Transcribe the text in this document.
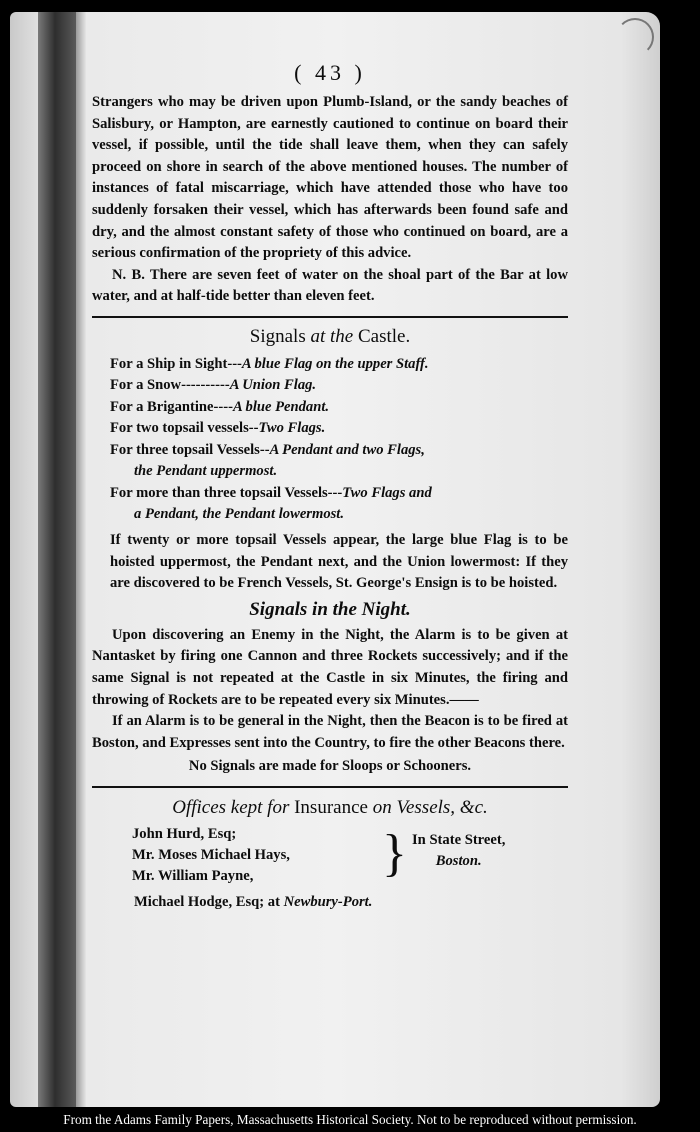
( 43 )

Strangers who may be driven upon Plumb-Island, or the sandy beaches of Salisbury, or Hampton, are earnestly cautioned to continue on board their vessel, if possible, until the tide shall leave them, when they can safely proceed on shore in search of the above mentioned houses. The number of instances of fatal miscarriage, which have attended those who have too suddenly forsaken their vessel, which has afterwards been found safe and dry, and the almost constant safety of those who continued on board, are a serious confirmation of the propriety of this advice.

N. B. There are seven feet of water on the shoal part of the Bar at low water, and at half-tide better than eleven feet.

Signals at the Castle.
For a Ship in Sight---A blue Flag on the upper Staff.
For a Snow----------A Union Flag.
For a Brigantine----A blue Pendant.
For two topsail vessels--Two Flags.
For three topsail Vessels--A Pendant and two Flags,
the Pendant uppermost.
For more than three topsail Vessels---Two Flags and
a Pendant, the Pendant lowermost.

If twenty or more topsail Vessels appear, the large blue Flag is to be hoisted uppermost, the Pendant next, and the Union lowermost: If they are discovered to be French Vessels, St. George's Ensign is to be hoisted.

Signals in the Night.

Upon discovering an Enemy in the Night, the Alarm is to be given at Nantasket by firing one Cannon and three Rockets successively; and if the same Signal is not repeated at the Castle in six Minutes, the firing and throwing of Rockets are to be repeated every six Minutes.——

If an Alarm is to be general in the Night, then the Beacon is to be fired at Boston, and Expresses sent into the Country, to fire the other Beacons there.

No Signals are made for Sloops or Schooners.
Offices kept for Insurance on Vessels, &c.
John Hurd, Esq;
Mr. Moses Michael Hays,
Mr. William Payne,	} In State Street,
Boston.
Michael Hodge, Esq; at Newbury-Port.
From the Adams Family Papers, Massachusetts Historical Society. Not to be reproduced without permission.
